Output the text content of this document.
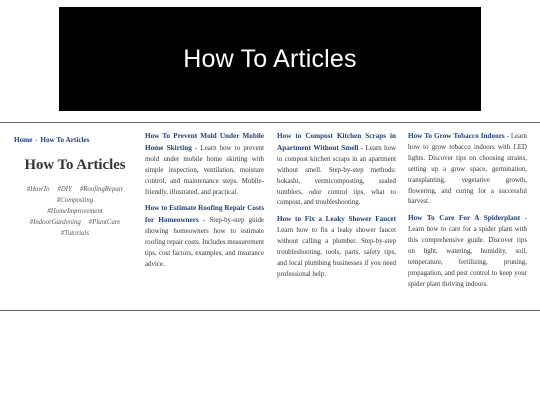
How To Articles
Home - How To Articles
How To Articles
#HowTo #DIY #RoofingRepair
#Composting
#HomeImprovement
#IndoorGardening #PlantCare
#Tutorials
How To Prevent Mold Under Mobile Home Skirting - Learn how to prevent mold under mobile home skirting with simple inspection, ventilation, moisture control, and maintenance steps. Mobile-friendly, illustrated, and practical.
How to Estimate Roofing Repair Costs for Homeowners - Step-by-step guide showing homeowners how to estimate roofing repair costs. Includes measurement tips, cost factors, examples, and insurance advice.
How to Compost Kitchen Scraps in Apartment Without Smell - Learn how to compost kitchen scraps in an apartment without smell. Step-by-step methods: bokashi, vermicomposting, sealed tumblers, odor control tips, what to compost, and troubleshooting.
How to Fix a Leaky Shower Faucet Learn how to fix a leaky shower faucet without calling a plumber. Step-by-step troubleshooting, tools, parts, safety tips, and local plumbing businesses if you need professional help.
How To Grow Tobacco Indoors - Learn how to grow tobacco indoors with LED lights. Discover tips on choosing strains, setting up a grow space, germination, transplanting, vegetative growth, flowering, and curing for a successful harvest.
How To Care For A Spiderplant - Learn how to care for a spider plant with this comprehensive guide. Discover tips on light, watering, humidity, soil, temperature, fertilizing, pruning, propagation, and pest control to keep your spider plant thriving indoors.
